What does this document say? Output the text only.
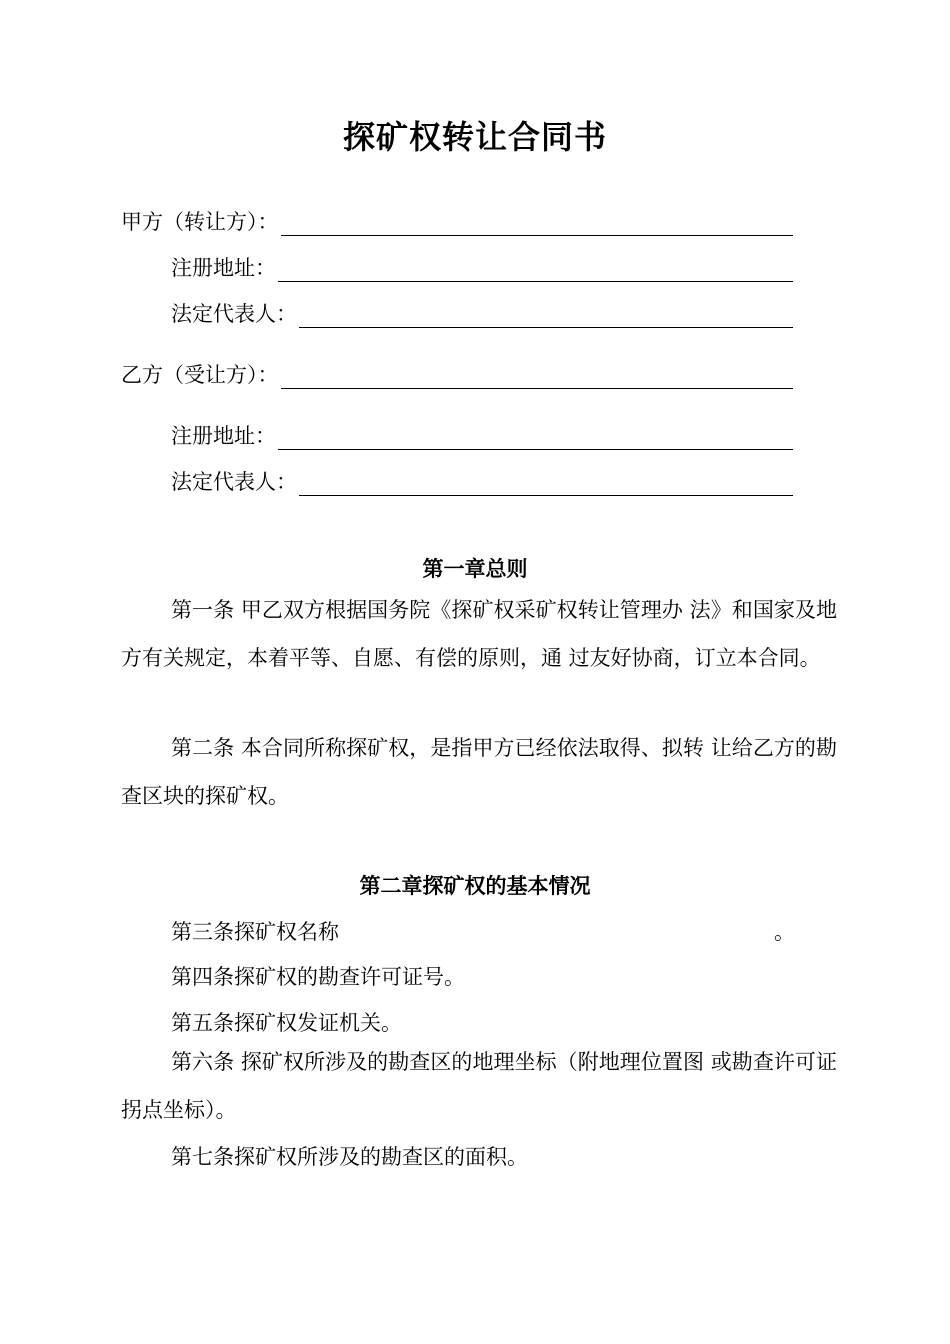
探矿权转让合同书
甲方（转让方）：
注册地址：
法定代表人：
乙方（受让方）：
注册地址：
法定代表人：
第一章总则

第一条 甲乙双方根据国务院《探矿权采矿权转让管理办 法》和国家及地方有关规定，本着平等、自愿、有偿的原则，通 过友好协商，订立本合同。

第二条 本合同所称探矿权，是指甲方已经依法取得、拟转 让给乙方的勘查区块的探矿权。

第二章探矿权的基本情况
第三条探矿权名称	。
第四条探矿权的勘查许可证号。
第五条探矿权发证机关。

第六条 探矿权所涉及的勘查区的地理坐标（附地理位置图 或勘查许可证拐点坐标）。

第七条探矿权所涉及的勘查区的面积。
